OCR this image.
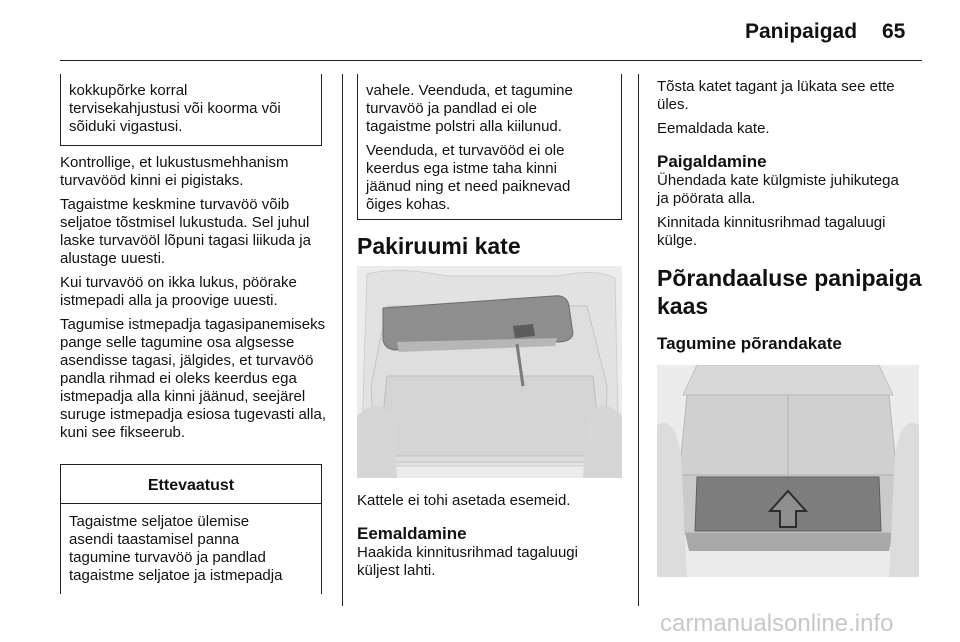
Panipaigad 65

kokkupõrke korral

tervisekahjustusi või koorma või

sõiduki vigastusi.

Kontrollige, et lukustusmehhanism turvavööd kinni ei pigistaks.

Tagaistme keskmine turvavöö võib seljatoe tõstmisel lukustuda. Sel juhul laske turvavööl lõpuni tagasi liikuda ja alustage uuesti.

Kui turvavöö on ikka lukus, pöörake istmepadi alla ja proovige uuesti.

Tagumise istmepadja tagasipanemiseks pange selle tagumine osa algsesse asendisse tagasi, jälgides, et turvavöö pandla rihmad ei oleks keerdus ega istmepadja alla kinni jäänud, seejärel suruge istmepadja esiosa tugevasti alla, kuni see fikseerub.

Ettevaatust

Tagaistme seljatoe ülemise

asendi taastamisel panna

tagumine turvavöö ja pandlad

tagaistme seljatoe ja istmepadja

vahele. Veenduda, et tagumine

turvavöö ja pandlad ei ole

tagaistme polstri alla kiilunud.

Veenduda, et turvavööd ei ole

keerdus ega istme taha kinni

jäänud ning et need paiknevad

õiges kohas.

Pakiruumi kate

Kattele ei tohi asetada esemeid.

Eemaldamine
Haakida kinnitusrihmad tagaluugi
küljest lahti.
Tõsta katet tagant ja lükata see ette
üles.

Eemaldada kate.

Paigaldamine
Ühendada kate külgmiste juhikutega
ja pöörata alla.
Kinnitada kinnitusrihmad tagaluugi
külge.
Põrandaaluse panipaiga
kaas
Tagumine põrandakate
carmanualsonline.info
